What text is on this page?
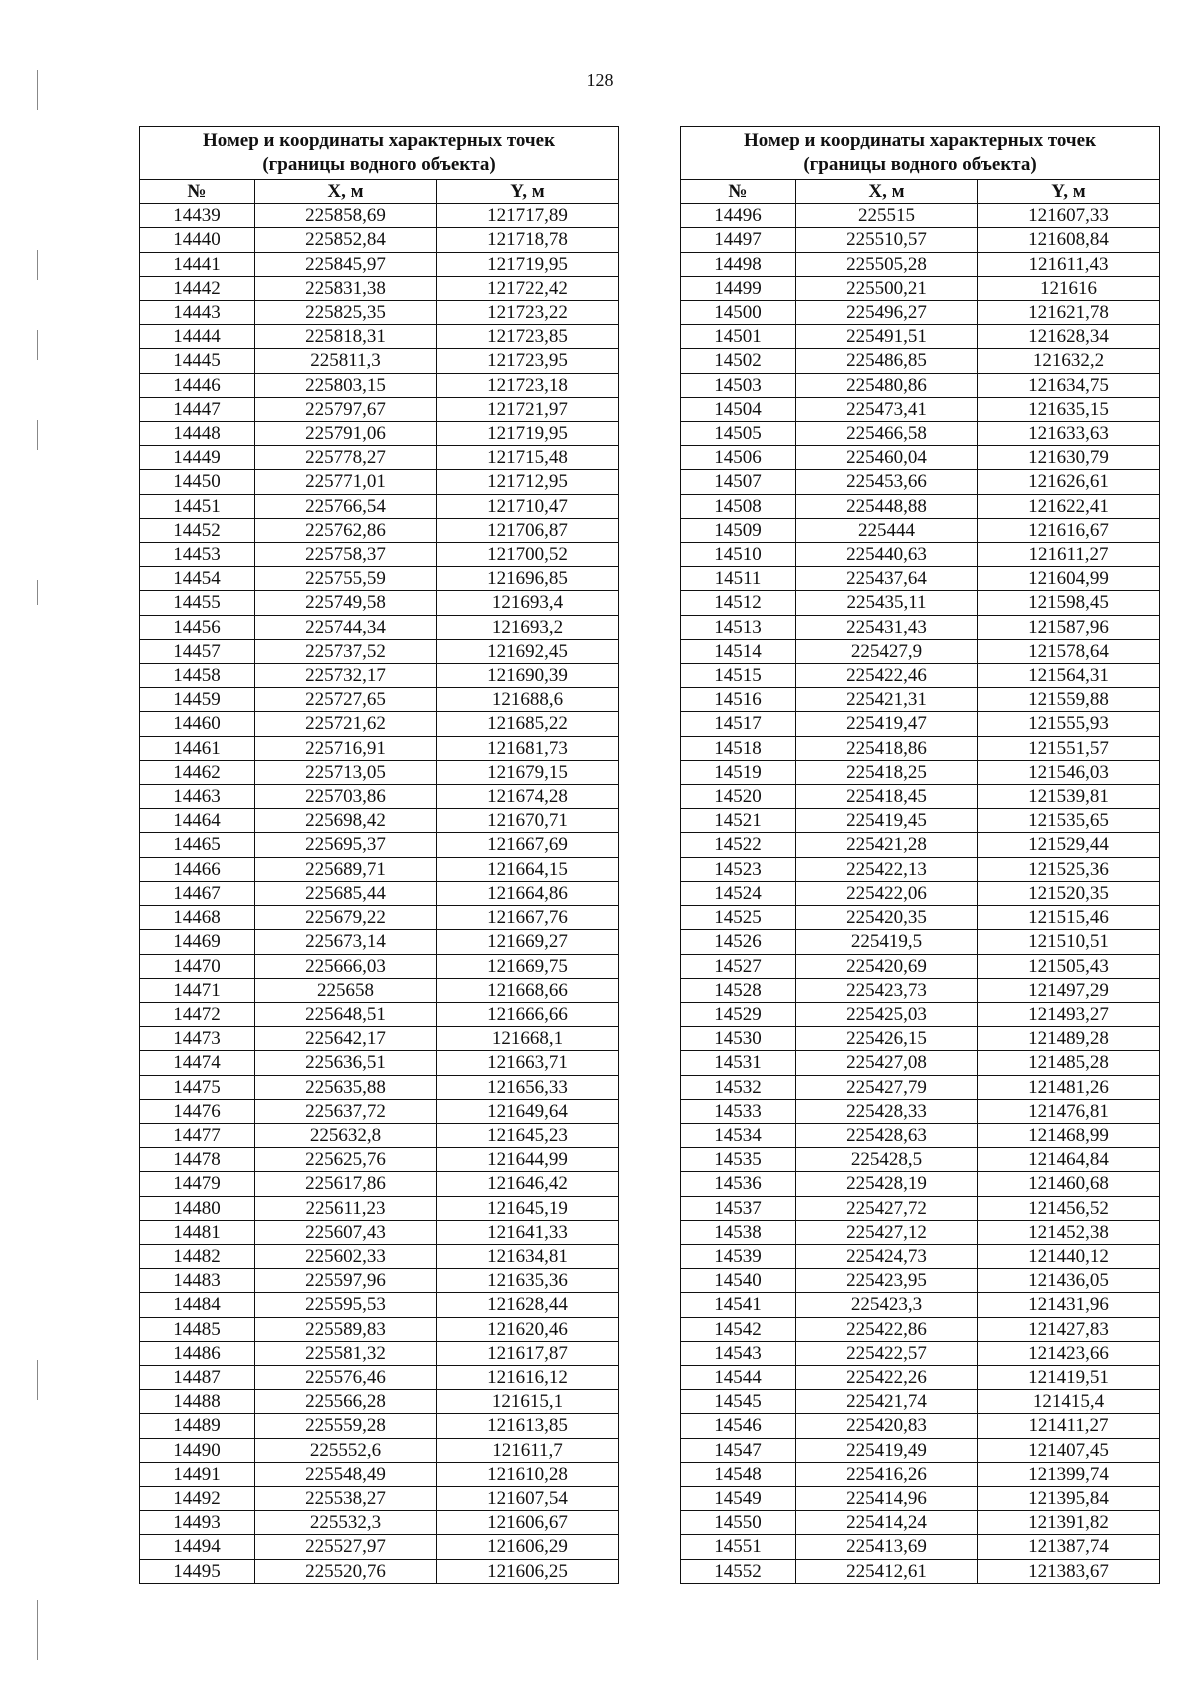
128
Номер и координаты характерных точек
(границы водного объекта)		
№	X, м	Y, м
14439	225858,69	121717,89
14440	225852,84	121718,78
14441	225845,97	121719,95
14442	225831,38	121722,42
14443	225825,35	121723,22
14444	225818,31	121723,85
14445	225811,3	121723,95
14446	225803,15	121723,18
14447	225797,67	121721,97
14448	225791,06	121719,95
14449	225778,27	121715,48
14450	225771,01	121712,95
14451	225766,54	121710,47
14452	225762,86	121706,87
14453	225758,37	121700,52
14454	225755,59	121696,85
14455	225749,58	121693,4
14456	225744,34	121693,2
14457	225737,52	121692,45
14458	225732,17	121690,39
14459	225727,65	121688,6
14460	225721,62	121685,22
14461	225716,91	121681,73
14462	225713,05	121679,15
14463	225703,86	121674,28
14464	225698,42	121670,71
14465	225695,37	121667,69
14466	225689,71	121664,15
14467	225685,44	121664,86
14468	225679,22	121667,76
14469	225673,14	121669,27
14470	225666,03	121669,75
14471	225658	121668,66
14472	225648,51	121666,66
14473	225642,17	121668,1
14474	225636,51	121663,71
14475	225635,88	121656,33
14476	225637,72	121649,64
14477	225632,8	121645,23
14478	225625,76	121644,99
14479	225617,86	121646,42
14480	225611,23	121645,19
14481	225607,43	121641,33
14482	225602,33	121634,81
14483	225597,96	121635,36
14484	225595,53	121628,44
14485	225589,83	121620,46
14486	225581,32	121617,87
14487	225576,46	121616,12
14488	225566,28	121615,1
14489	225559,28	121613,85
14490	225552,6	121611,7
14491	225548,49	121610,28
14492	225538,27	121607,54
14493	225532,3	121606,67
14494	225527,97	121606,29
14495	225520,76	121606,25
Номер и координаты характерных точек
(границы водного объекта)		
№	X, м	Y, м
14496	225515	121607,33
14497	225510,57	121608,84
14498	225505,28	121611,43
14499	225500,21	121616
14500	225496,27	121621,78
14501	225491,51	121628,34
14502	225486,85	121632,2
14503	225480,86	121634,75
14504	225473,41	121635,15
14505	225466,58	121633,63
14506	225460,04	121630,79
14507	225453,66	121626,61
14508	225448,88	121622,41
14509	225444	121616,67
14510	225440,63	121611,27
14511	225437,64	121604,99
14512	225435,11	121598,45
14513	225431,43	121587,96
14514	225427,9	121578,64
14515	225422,46	121564,31
14516	225421,31	121559,88
14517	225419,47	121555,93
14518	225418,86	121551,57
14519	225418,25	121546,03
14520	225418,45	121539,81
14521	225419,45	121535,65
14522	225421,28	121529,44
14523	225422,13	121525,36
14524	225422,06	121520,35
14525	225420,35	121515,46
14526	225419,5	121510,51
14527	225420,69	121505,43
14528	225423,73	121497,29
14529	225425,03	121493,27
14530	225426,15	121489,28
14531	225427,08	121485,28
14532	225427,79	121481,26
14533	225428,33	121476,81
14534	225428,63	121468,99
14535	225428,5	121464,84
14536	225428,19	121460,68
14537	225427,72	121456,52
14538	225427,12	121452,38
14539	225424,73	121440,12
14540	225423,95	121436,05
14541	225423,3	121431,96
14542	225422,86	121427,83
14543	225422,57	121423,66
14544	225422,26	121419,51
14545	225421,74	121415,4
14546	225420,83	121411,27
14547	225419,49	121407,45
14548	225416,26	121399,74
14549	225414,96	121395,84
14550	225414,24	121391,82
14551	225413,69	121387,74
14552	225412,61	121383,67
